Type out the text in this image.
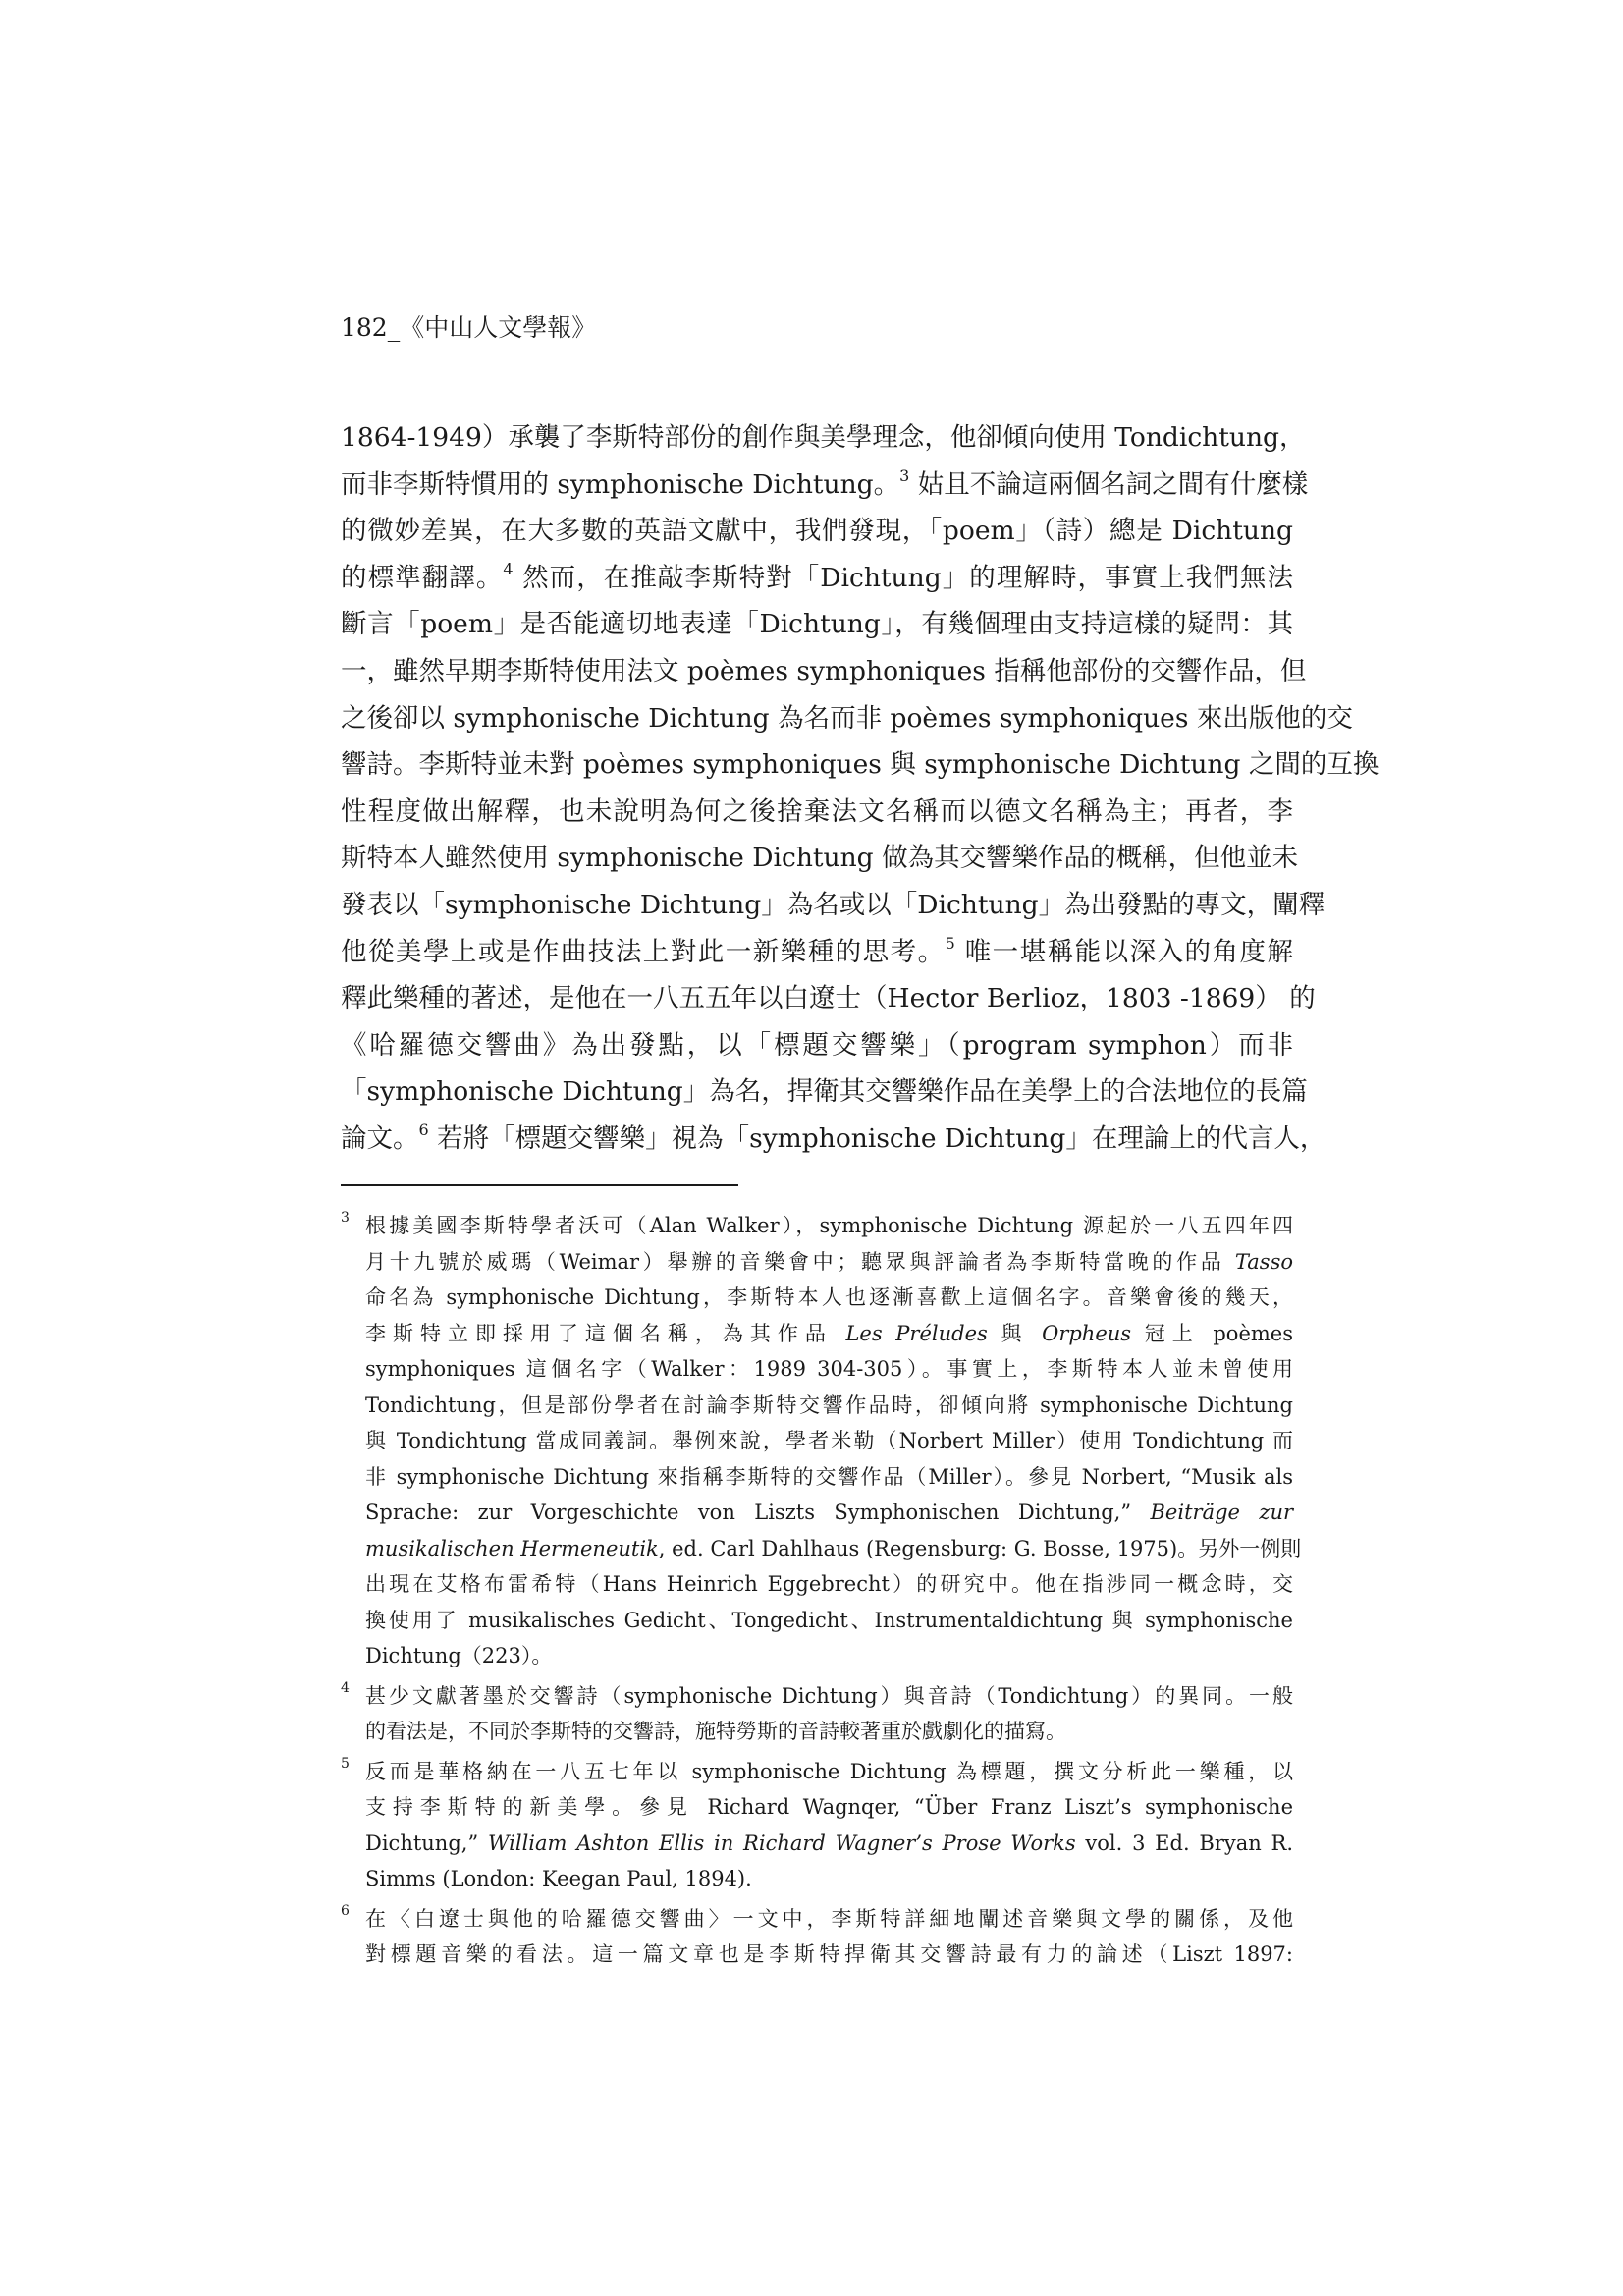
182_《中山人文學報》
1864-1949）承襲了李斯特部份的創作與美學理念，他卻傾向使用 Tondichtung，
而非李斯特慣用的 symphonische Dichtung。$^3$ 姑且不論這兩個名詞之間有什麼樣
的微妙差異，在大多數的英語文獻中，我們發現，「poem」（詩）總是 Dichtung
的標準翻譯。$^4$ 然而，在推敲李斯特對「Dichtung」的理解時，事實上我們無法
斷言「poem」是否能適切地表達「Dichtung」，有幾個理由支持這樣的疑問：其
一，雖然早期李斯特使用法文 poèmes symphoniques 指稱他部份的交響作品，但
之後卻以 symphonische Dichtung 為名而非 poèmes symphoniques 來出版他的交
響詩。李斯特並未對 poèmes symphoniques 與 symphonische Dichtung 之間的互換
性程度做出解釋，也未說明為何之後捨棄法文名稱而以德文名稱為主；再者，李
斯特本人雖然使用 symphonische Dichtung 做為其交響樂作品的概稱，但他並未
發表以「symphonische Dichtung」為名或以「Dichtung」為出發點的專文，闡釋
他從美學上或是作曲技法上對此一新樂種的思考。$^5$ 唯一堪稱能以深入的角度解
釋此樂種的著述，是他在一八五五年以白遼士（Hector Berlioz，1803 -1869） 的
《哈羅德交響曲》為出發點，以「標題交響樂」（program symphon）而非
「symphonische Dichtung」為名，捍衛其交響樂作品在美學上的合法地位的長篇
論文。$^6$ 若將「標題交響樂」視為「symphonische Dichtung」在理論上的代言人，
3 根據美國李斯特學者沃可（Alan Walker），symphonische Dichtung 源起於一八五四年四
月十九號於威瑪（Weimar）舉辦的音樂會中；聽眾與評論者為李斯特當晚的作品 Tasso
命名為 symphonische Dichtung，李斯特本人也逐漸喜歡上這個名字。音樂會後的幾天，
李斯特立即採用了這個名稱，為其作品 Les Préludes 與 Orpheus 冠上 poèmes
symphoniques 這個名字（Walker：1989 304-305）。事實上，李斯特本人並未曾使用
Tondichtung，但是部份學者在討論李斯特交響作品時，卻傾向將 symphonische Dichtung
與 Tondichtung 當成同義詞。舉例來說，學者米勒（Norbert Miller）使用 Tondichtung 而
非 symphonische Dichtung 來指稱李斯特的交響作品（Miller）。參見 Norbert, “Musik als
Sprache: zur Vorgeschichte von Liszts Symphonischen Dichtung,” Beiträge zur
musikalischen Hermeneutik, ed. Carl Dahlhaus (Regensburg: G. Bosse, 1975)。另外一例則
出現在艾格布雷希特（Hans Heinrich Eggebrecht）的研究中。他在指涉同一概念時，交
換使用了 musikalisches Gedicht、Tongedicht、Instrumentaldichtung 與 symphonische
Dichtung（223）。
4 甚少文獻著墨於交響詩（symphonische Dichtung）與音詩（Tondichtung）的異同。一般
的看法是，不同於李斯特的交響詩，施特勞斯的音詩較著重於戲劇化的描寫。
5 反而是華格納在一八五七年以 symphonische Dichtung 為標題，撰文分析此一樂種，以
支持李斯特的新美學。參見 Richard Wagnqer, “Über Franz Liszt’s symphonische
Dichtung,” William Ashton Ellis in Richard Wagner’s Prose Works vol. 3 Ed. Bryan R.
Simms (London: Keegan Paul, 1894).
6 在〈白遼士與他的哈羅德交響曲〉一文中，李斯特詳細地闡述音樂與文學的關係，及他
對標題音樂的看法。這一篇文章也是李斯特捍衛其交響詩最有力的論述（Liszt 1897:
